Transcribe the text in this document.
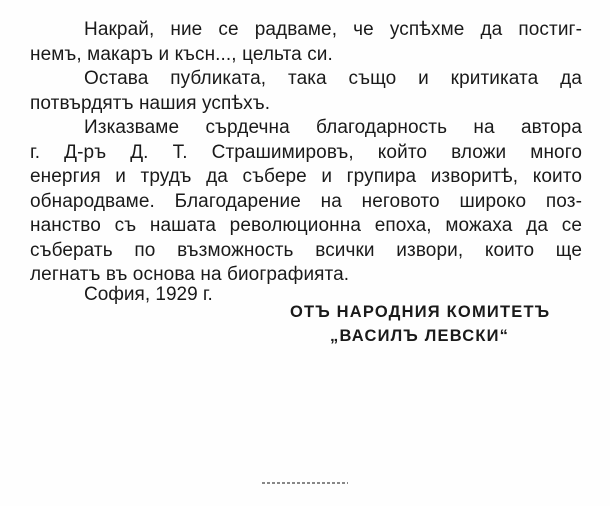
Накрай, ние се радваме, че успѣхме да постиг-
немъ, макаръ и късн..., цельта си.
Остава публиката, така също и критиката да
потвърдятъ нашия успѣхъ.
Изказваме сърдечна благодарность на автора
г. Д-ръ Д. Т. Страшимировъ, който вложи много
енергия и трудъ да събере и групира изворитѣ, които
обнародваме. Благодарение на неговото широко поз-
нанство съ нашата революционна епоха, можаха да се
съберать по възможность всички извори, които ще
легнатъ въ основа на биографията.
София, 1929 г.
ОТЪ НАРОДНИЯ КОМИТЕТЪ
„ВАСИЛЪ ЛЕВСКИ“
